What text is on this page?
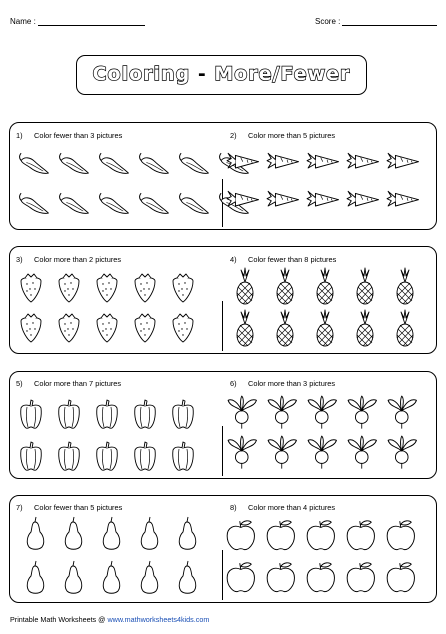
Name :	Score :
Coloring - More/Fewer
1) Color fewer than 3 pictures	2) Color more than 5 pictures
3) Color more than 2 pictures	4) Color fewer than 8 pictures
5) Color more than 7 pictures	6) Color more than 3 pictures
7) Color fewer than 5 pictures	8) Color more than 4 pictures
Printable Math Worksheets @ www.mathworksheets4kids.com
